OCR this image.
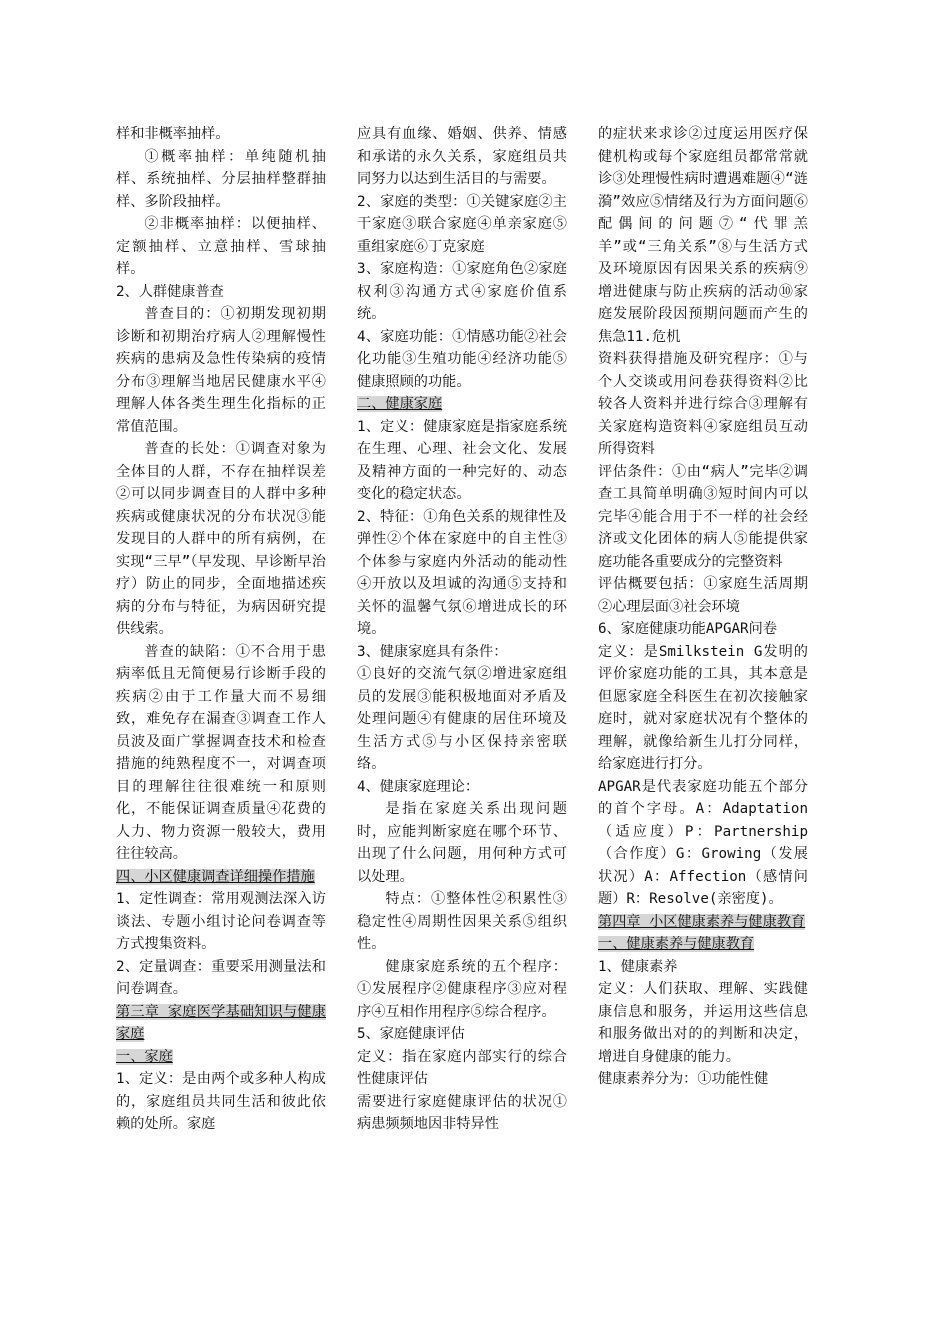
样和非概率抽样。

①概率抽样：单纯随机抽样、系统抽样、分层抽样整群抽样、多阶段抽样。

②非概率抽样：以便抽样、定额抽样、立意抽样、雪球抽样。

2、人群健康普查

普查目的：①初期发现初期诊断和初期治疗病人②理解慢性疾病的患病及急性传染病的疫情分布③理解当地居民健康水平④理解人体各类生理生化指标的正常值范围。

普查的长处：①调查对象为全体目的人群，不存在抽样误差②可以同步调查目的人群中多种疾病或健康状况的分布状况③能发现目的人群中的所有病例，在实现“三早”（早发现、早诊断早治疗）防止的同步，全面地描述疾病的分布与特征，为病因研究提供线索。

普查的缺陷：①不合用于患病率低且无简便易行诊断手段的疾病②由于工作量大而不易细致，难免存在漏查③调查工作人员波及面广掌握调查技术和检查措施的纯熟程度不一，对调查项目的理解往往很难统一和原则化，不能保证调查质量④花费的人力、物力资源一般较大，费用往往较高。

四、小区健康调查详细操作措施

1、定性调查：常用观测法深入访谈法、专题小组讨论问卷调查等方式搜集资料。

2、定量调查：重要采用测量法和问卷调查。

第三章 家庭医学基础知识与健康家庭

一、家庭

1、定义：是由两个或多种人构成的，家庭组员共同生活和彼此依赖的处所。家庭

应具有血缘、婚姻、供养、情感和承诺的永久关系，家庭组员共同努力以达到生活目的与需要。

2、家庭的类型：①关键家庭②主干家庭③联合家庭④单亲家庭⑤重组家庭⑥丁克家庭

3、家庭构造：①家庭角色②家庭权利③沟通方式④家庭价值系统。

4、家庭功能：①情感功能②社会化功能③生殖功能④经济功能⑤健康照顾的功能。

二、健康家庭

1、定义：健康家庭是指家庭系统在生理、心理、社会文化、发展及精神方面的一种完好的、动态变化的稳定状态。

2、特征：①角色关系的规律性及弹性②个体在家庭中的自主性③个体参与家庭内外活动的能动性④开放以及坦诚的沟通⑤支持和关怀的温馨气氛⑥增进成长的环境。

3、健康家庭具有条件：

①良好的交流气氛②增进家庭组员的发展③能积极地面对矛盾及处理问题④有健康的居住环境及生活方式⑤与小区保持亲密联络。

4、健康家庭理论：

是指在家庭关系出现问题时，应能判断家庭在哪个环节、出现了什么问题，用何种方式可以处理。

特点：①整体性②积累性③稳定性④周期性因果关系⑤组织性。

健康家庭系统的五个程序：①发展程序②健康程序③应对程序④互相作用程序⑤综合程序。

5、家庭健康评估

定义：指在家庭内部实行的综合性健康评估

需要进行家庭健康评估的状况①病患频频地因非特异性

的症状来求诊②过度运用医疗保健机构或每个家庭组员都常常就诊③处理慢性病时遭遇难题④“涟漪”效应⑤情绪及行为方面问题⑥配偶间的问题⑦“代罪羔羊”或“三角关系”⑧与生活方式及环境原因有因果关系的疾病⑨增进健康与防止疾病的活动⑩家庭发展阶段因预期问题而产生的焦急11.危机

资料获得措施及研究程序：①与个人交谈或用问卷获得资料②比较各人资料并进行综合③理解有关家庭构造资料④家庭组员互动所得资料

评估条件：①由“病人”完毕②调查工具简单明确③短时间内可以完毕④能合用于不一样的社会经济或文化团体的病人⑤能提供家庭功能各重要成分的完整资料

评估概要包括：①家庭生活周期②心理层面③社会环境

6、家庭健康功能APGAR问卷

定义：是Smilkstein G发明的评价家庭功能的工具，其本意是但愿家庭全科医生在初次接触家庭时，就对家庭状况有个整体的理解，就像给新生儿打分同样，给家庭进行打分。

APGAR是代表家庭功能五个部分的首个字母。A：Adaptation（适应度）P：Partnership（合作度）G：Growing（发展状况）A：Affection（感情问题）R：Resolve(亲密度)。

第四章 小区健康素养与健康教育

一、健康素养与健康教育

1、健康素养

定义：人们获取、理解、实践健康信息和服务，并运用这些信息和服务做出对的的判断和决定，增进自身健康的能力。

健康素养分为：①功能性健
